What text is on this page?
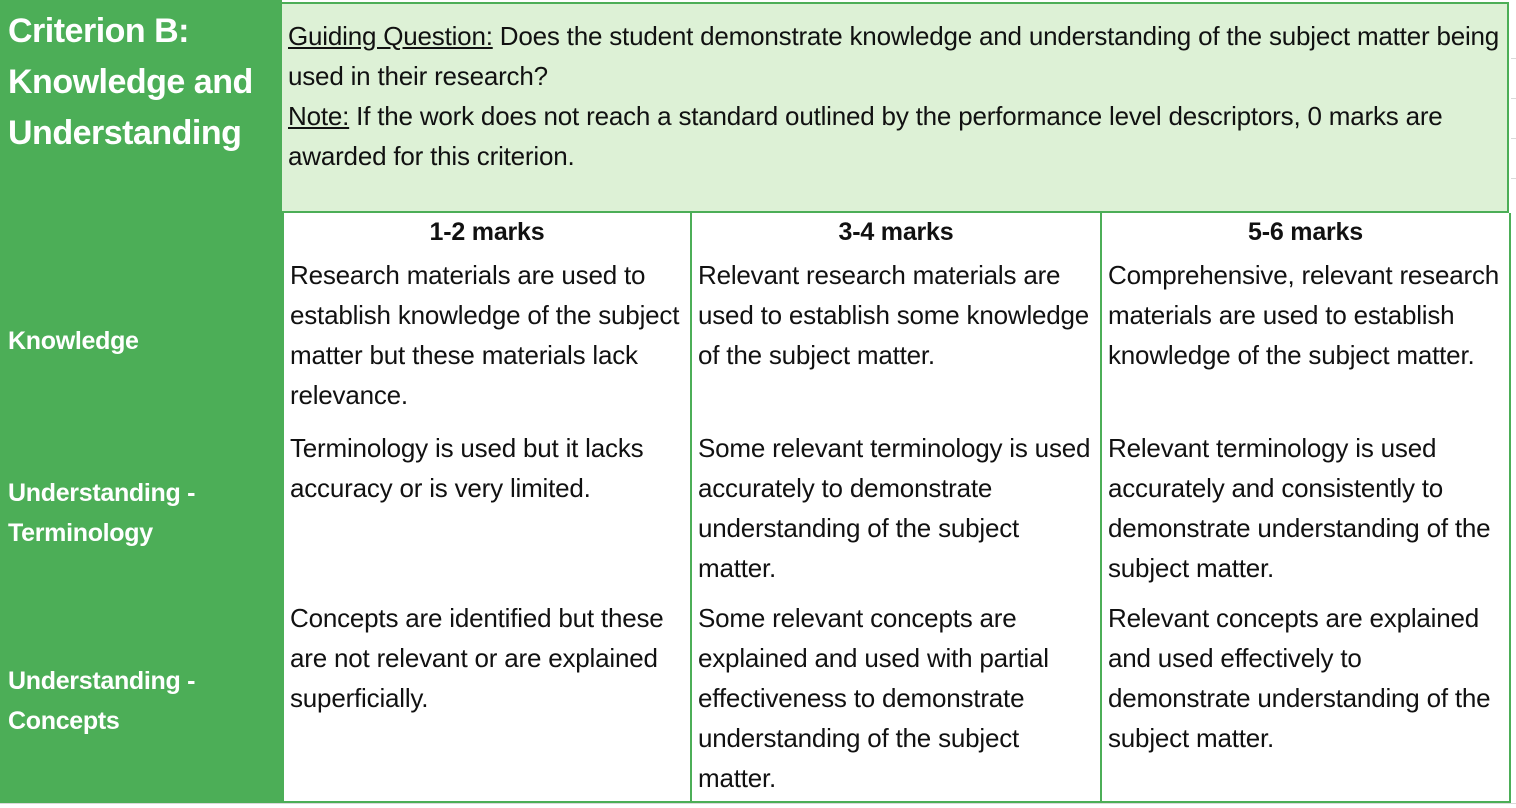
Criterion B:
Knowledge and
Understanding
Knowledge
Understanding -
Terminology
Understanding -
Concepts

Guiding Question: Does the student demonstrate knowledge and understanding of the subject matter being used in their research?

Note: If the work does not reach a standard outlined by the performance level descriptors, 0 marks are awarded for this criterion.

1-2 marks	3-4 marks	5-6 marks
Research materials are used to establish knowledge of the subject matter but these materials lack relevance.
Relevant research materials are used to establish some knowledge of the subject matter.
Comprehensive, relevant research materials are used to establish knowledge of the subject matter.
Terminology is used but it lacks accuracy or is very limited.
Some relevant terminology is used accurately to demonstrate understanding of the subject matter.
Relevant terminology is used accurately and consistently to demonstrate understanding of the subject matter.
Concepts are identified but these are not relevant or are explained superficially.
Some relevant concepts are explained and used with partial effectiveness to demonstrate understanding of the subject matter.
Relevant concepts are explained and used effectively to demonstrate understanding of the subject matter.
